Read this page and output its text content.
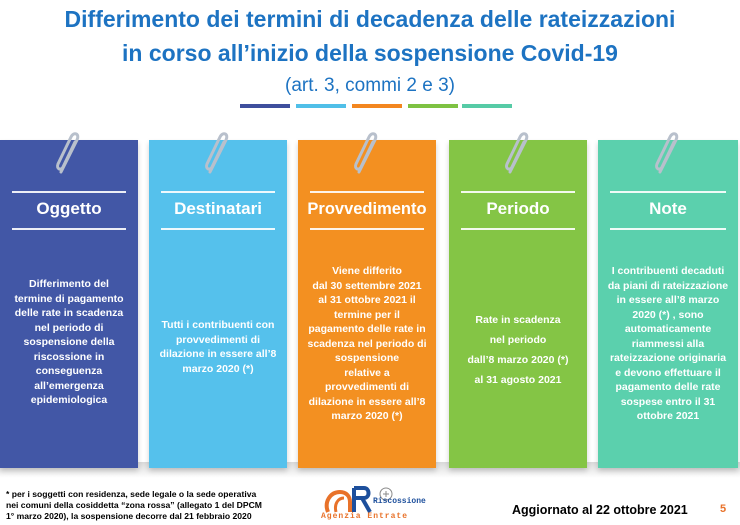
Differimento dei termini di decadenza delle rateizzazioni
in corso all’inizio della sospensione Covid-19
(art. 3, commi 2 e 3)
Oggetto
Differimento del
termine di pagamento
delle rate in scadenza
nel periodo di
sospensione della
riscossione in
conseguenza
all’emergenza
epidemiologica
Destinatari
Tutti i contribuenti con
provvedimenti di
dilazione in essere all’8
marzo 2020 (*)
Provvedimento
Viene differito
dal 30 settembre 2021
al 31 ottobre 2021 il
termine per il
pagamento delle rate in
scadenza nel periodo di
sospensione
relative a
provvedimenti di
dilazione in essere all’8
marzo 2020 (*)
Periodo
Rate in scadenza
nel periodo
dall’8 marzo 2020 (*)
al 31 agosto 2021
Note
I contribuenti decaduti
da piani di rateizzazione
in essere all’8 marzo
2020 (*) , sono
automaticamente
riammessi alla
rateizzazione originaria
e devono effettuare il
pagamento delle rate
sospese entro il 31
ottobre 2021
* per i soggetti con residenza, sede legale o la sede operativa
nei comuni della cosiddetta “zona rossa” (allegato 1 del DPCM
1° marzo 2020), la sospensione decorre dal 21 febbraio 2020
Riscossione
Agenzia Entrate	Aggiornato al 22 ottobre 2021	5
